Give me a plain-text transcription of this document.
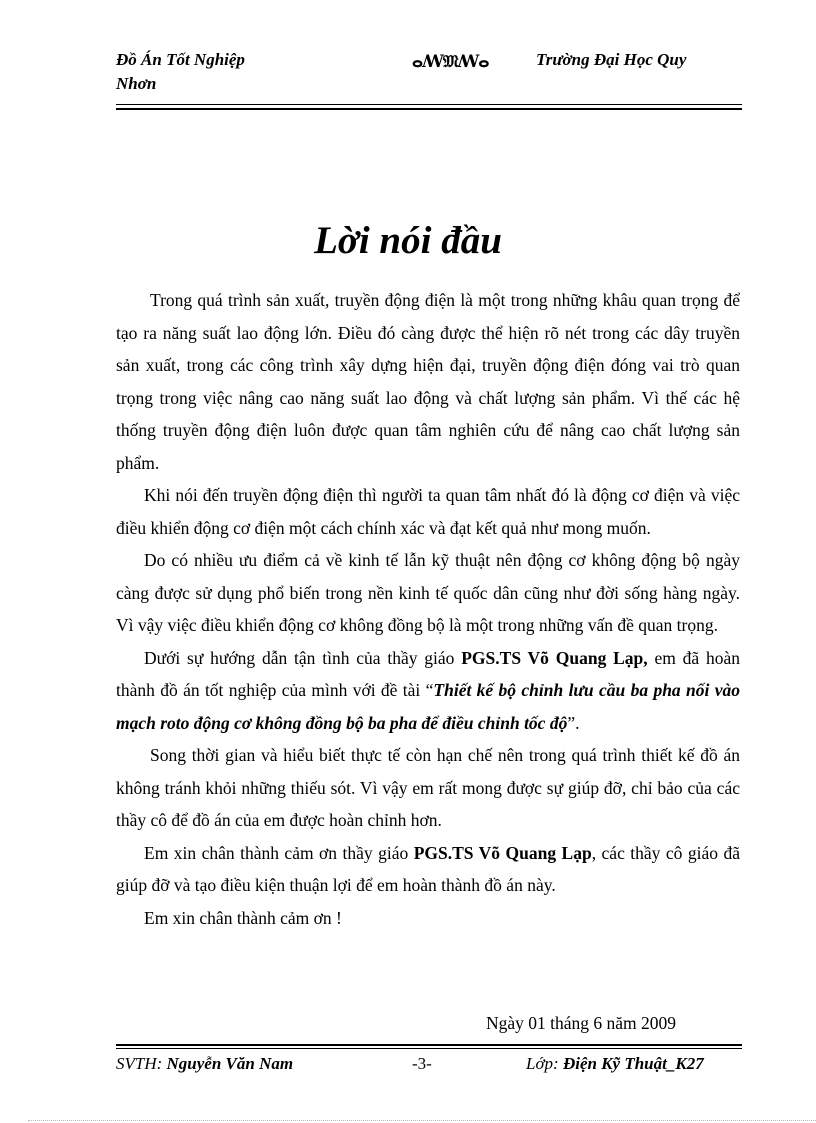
Đồ Án Tốt Nghiệp
Nhơn
ⴰꟿ𝔐ꟿⴰ	Trường Đại Học Quy
Lời nói đầu

Trong quá trình sản xuất, truyền động điện là một trong những khâu quan trọng để tạo ra năng suất lao động lớn. Điều đó càng được thể hiện rõ nét trong các dây truyền sản xuất, trong các công trình xây dựng hiện đại, truyền động điện đóng vai trò quan trọng trong việc nâng cao năng suất lao động và chất lượng sản phẩm. Vì thế các hệ thống truyền động điện luôn được quan tâm nghiên cứu để nâng cao chất lượng sản phẩm.

Khi nói đến truyền động điện thì người ta quan tâm nhất đó là động cơ điện và việc điều khiển động cơ điện một cách chính xác và đạt kết quả như mong muốn.

Do có nhiều ưu điểm cả về kinh tế lẫn kỹ thuật nên động cơ không động bộ ngày càng được sử dụng phổ biến trong nền kinh tế quốc dân cũng như đời sống hàng ngày. Vì vậy việc điều khiển động cơ không đồng bộ là một trong những vấn đề quan trọng.

Dưới sự hướng dẫn tận tình của thầy giáo PGS.TS Võ Quang Lạp, em đã hoàn thành đồ án tốt nghiệp của mình với đề tài “Thiết kế bộ chỉnh lưu cầu ba pha nối vào mạch roto động cơ không đồng bộ ba pha để điều chỉnh tốc độ”.

Song thời gian và hiểu biết thực tế còn hạn chế nên trong quá trình thiết kế đồ án không tránh khỏi những thiếu sót. Vì vậy em rất mong được sự giúp đỡ, chỉ bảo của các thầy cô để đồ án của em được hoàn chỉnh hơn.

Em xin chân thành cảm ơn thầy giáo PGS.TS Võ Quang Lạp, các thầy cô giáo đã giúp đỡ và tạo điều kiện thuận lợi để em hoàn thành đồ án này.

Em xin chân thành cảm ơn !

Ngày 01 tháng 6 năm 2009
SVTH: Nguyễn Văn Nam	-3-	Lớp: Điện Kỹ Thuật_K27
